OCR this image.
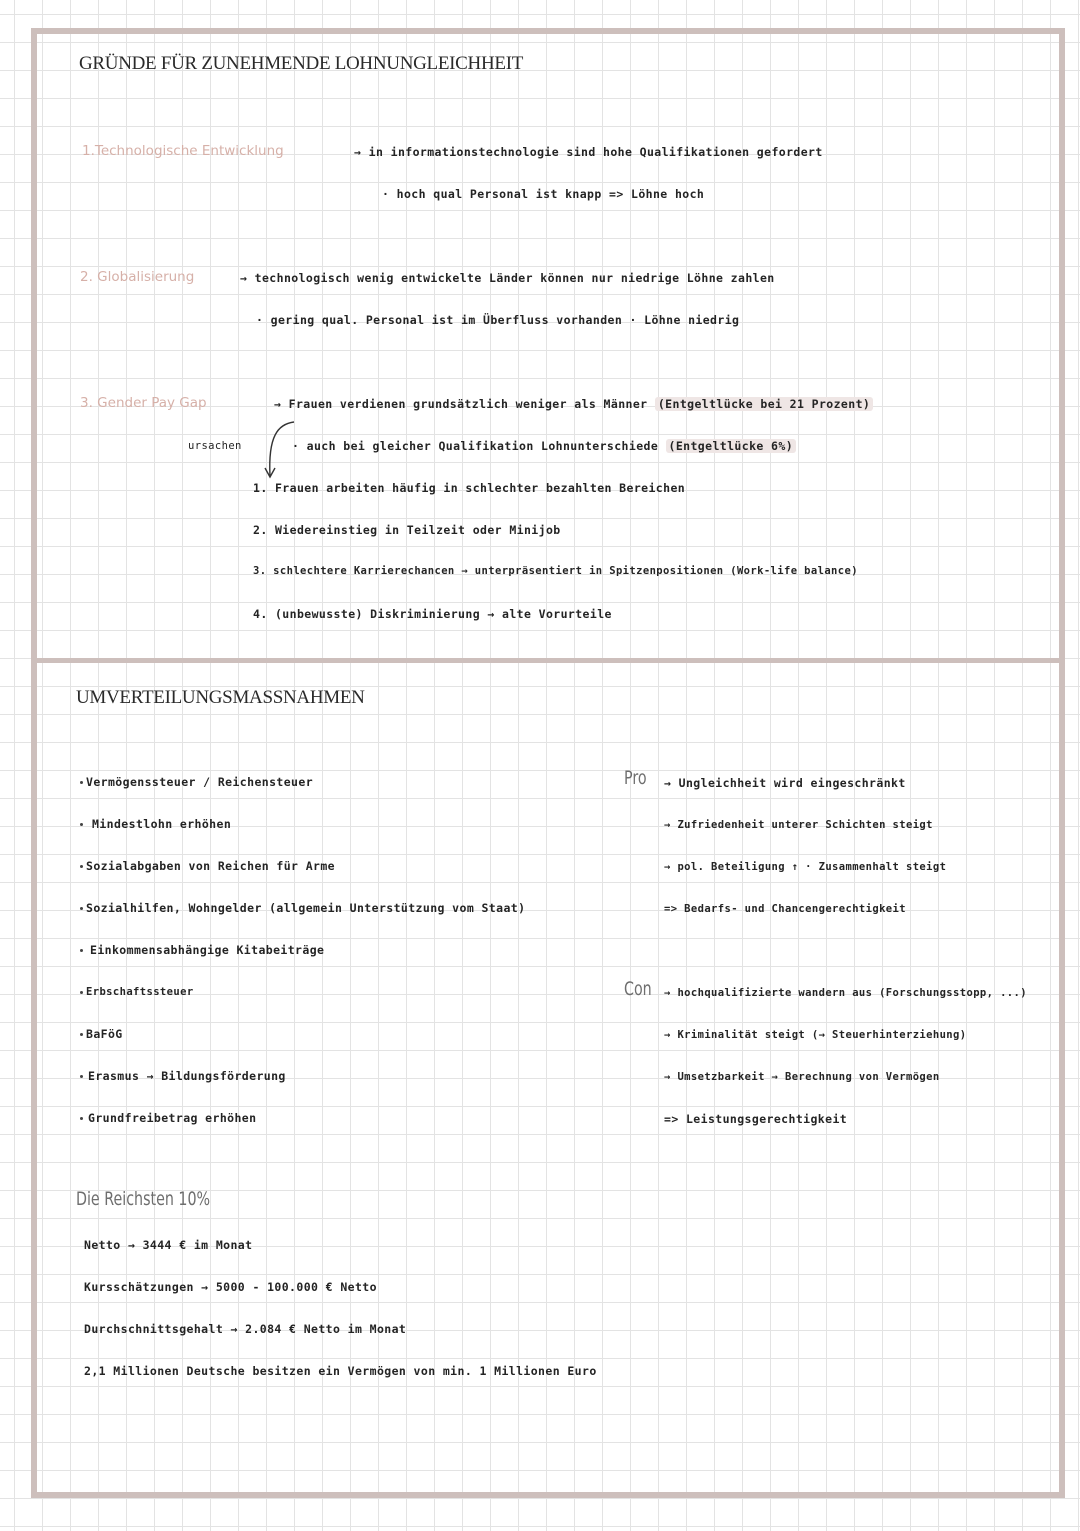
GRÜNDE FÜR ZUNEHMENDE LOHNUNGLEICHHEIT
1.Technologische Entwicklung	→ in informationstechnologie sind hohe Qualifikationen gefordert
· hoch qual Personal ist knapp => Löhne hoch
2. Globalisierung	→ technologisch wenig entwickelte Länder können nur niedrige Löhne zahlen
· gering qual. Personal ist im Überfluss vorhanden · Löhne niedrig
3. Gender Pay Gap	→ Frauen verdienen grundsätzlich weniger als Männer (Entgeltlücke bei 21 Prozent)
ursachen	· auch bei gleicher Qualifikation Lohnunterschiede (Entgeltlücke 6%)
1. Frauen arbeiten häufig in schlechter bezahlten Bereichen
2. Wiedereinstieg in Teilzeit oder Minijob
3. schlechtere Karrierechancen → unterpräsentiert in Spitzenpositionen (Work-life balance)
4. (unbewusste) Diskriminierung → alte Vorurteile
UMVERTEILUNGSMASSNAHMEN
Vermögenssteuer / Reichensteuer
Mindestlohn erhöhen
Sozialabgaben von Reichen für Arme
Sozialhilfen, Wohngelder (allgemein Unterstützung vom Staat)
Einkommensabhängige Kitabeiträge
Erbschaftssteuer
BaFöG
Erasmus → Bildungsförderung
Grundfreibetrag erhöhen
Pro → Ungleichheit wird eingeschränkt
→ Zufriedenheit unterer Schichten steigt
→ pol. Beteiligung ↑ · Zusammenhalt steigt
=> Bedarfs- und Chancengerechtigkeit
Con → hochqualifizierte wandern aus (Forschungsstopp, ...)
→ Kriminalität steigt (→ Steuerhinterziehung)
→ Umsetzbarkeit → Berechnung von Vermögen
=> Leistungsgerechtigkeit
Die Reichsten 10%
Netto → 3444 € im Monat
Kursschätzungen → 5000 - 100.000 € Netto
Durchschnittsgehalt → 2.084 € Netto im Monat
2,1 Millionen Deutsche besitzen ein Vermögen von min. 1 Millionen Euro
